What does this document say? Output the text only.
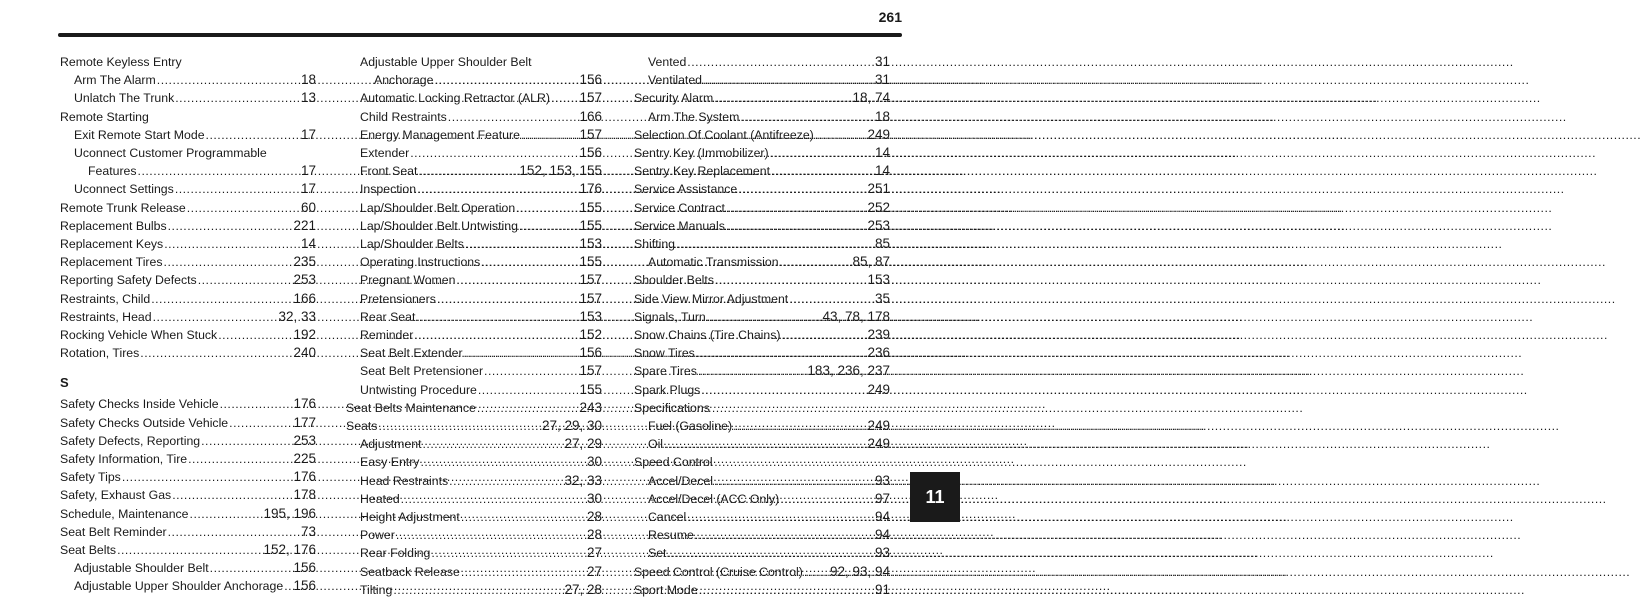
261
Remote Keyless Entry
Arm The Alarm .....	18
Unlatch The Trunk .....	13
Remote Starting
Exit Remote Start Mode .....	17
Uconnect Customer Programmable
Features .....	17
Uconnect Settings .....	17
Remote Trunk Release .....	60
Replacement Bulbs .....	221
Replacement Keys .....	14
Replacement Tires .....	235
Reporting Safety Defects .....	253
Restraints, Child .....	166
Restraints, Head .....	32, 33
Rocking Vehicle When Stuck .....	192
Rotation, Tires .....	240
S
Safety Checks Inside Vehicle .....	176
Safety Checks Outside Vehicle .....	177
Safety Defects, Reporting .....	253
Safety Information, Tire .....	225
Safety Tips .....	176
Safety, Exhaust Gas .....	178
Schedule, Maintenance .....	195, 196
Seat Belt Reminder .....	73
Seat Belts .....	152, 176
Adjustable Shoulder Belt .....	156
Adjustable Upper Shoulder Anchorage ..... 156
Adjustable Upper Shoulder Belt
Anchorage .....	156
Automatic Locking Retractor (ALR) ..... 157
Child Restraints .....	166
Energy Management Feature .....	157
Extender .....	156
Front Seat .....	152, 153, 155
Inspection .....	176
Lap/Shoulder Belt Operation .....	155
Lap/Shoulder Belt Untwisting .....	155
Lap/Shoulder Belts .....	153
Operating Instructions .....	155
Pregnant Women .....	157
Pretensioners .....	157
Rear Seat .....	153
Reminder .....	152
Seat Belt Extender .....	156
Seat Belt Pretensioner .....	157
Untwisting Procedure .....	155
Seat Belts Maintenance .....	243
Seats .....	27, 29, 30
Adjustment .....	27, 29
Easy Entry .....	30
Head Restraints .....	32, 33
Heated .....	30
Height Adjustment .....	28
Power .....	28
Rear Folding .....	27
Seatback Release .....	27
Tilting .....	27, 28
Vented .....	31
Ventilated .....	31
Security Alarm .....	18, 74
Arm The System .....	18
Selection Of Coolant (Antifreeze) .....	249
Sentry Key (Immobilizer) .....	14
Sentry Key Replacement .....	14
Service Assistance .....	251
Service Contract .....	252
Service Manuals .....	253
Shifting .....	85
Automatic Transmission .....	85, 87
Shoulder Belts .....	153
Side View Mirror Adjustment .....	35
Signals, Turn .....	43, 78, 178
Snow Chains (Tire Chains) .....	239
Snow Tires .....	236
Spare Tires .....	183, 236, 237
Spark Plugs .....	249
Specifications
Fuel (Gasoline) .....	249
Oil .....	249
Speed Control
Accel/Decel .....	93
Accel/Decel (ACC Only) .....	97
Cancel .....	94
Resume .....	94
Set .....	93
Speed Control (Cruise Control) ..... 92, 93, 94
Sport Mode .....	91
11
